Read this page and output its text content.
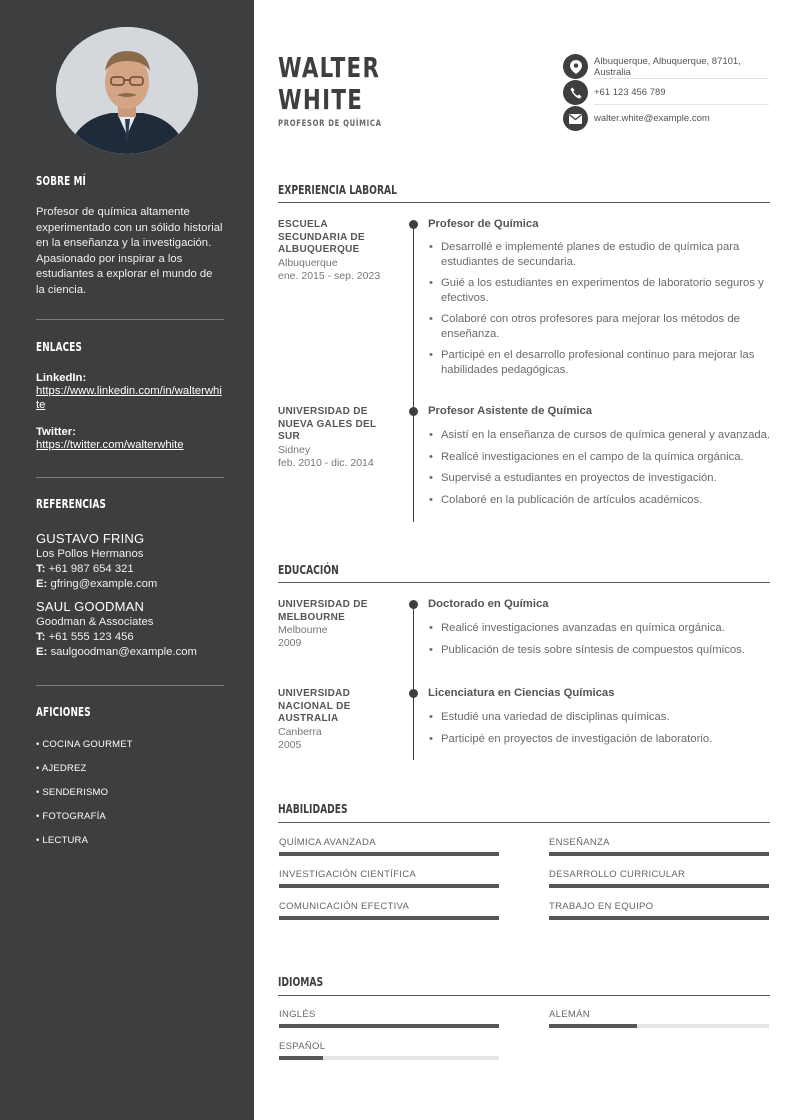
SOBRE MÍ
Profesor de química altamente experimentado con un sólido historial en la enseñanza y la investigación. Apasionado por inspirar a los estudiantes a explorar el mundo de la ciencia.
ENLACES
LinkedIn:
https://www.linkedin.com/in/walterwhite
Twitter:
https://twitter.com/walterwhite
REFERENCIAS
GUSTAVO FRING
Los Pollos Hermanos
T: +61 987 654 321
E: gfring@example.com
SAUL GOODMAN
Goodman & Associates
T: +61 555 123 456
E: saulgoodman@example.com
AFICIONES
• COCINA GOURMET
• AJEDREZ
• SENDERISMO
• FOTOGRAFÍA
• LECTURA
WALTER
WHITE
PROFESOR DE QUÍMICA
Albuquerque, Albuquerque, 87101, Australia
+61 123 456 789
walter.white@example.com
EXPERIENCIA LABORAL
ESCUELA SECUNDARIA DE ALBUQUERQUE
Albuquerque
ene. 2015 - sep. 2023
Profesor de Química
• Desarrollé e implementé planes de estudio de química para estudiantes de secundaria.
• Guié a los estudiantes en experimentos de laboratorio seguros y efectivos.
• Colaboré con otros profesores para mejorar los métodos de enseñanza.
• Participé en el desarrollo profesional continuo para mejorar las habilidades pedagógicas.
UNIVERSIDAD DE NUEVA GALES DEL SUR
Sidney
feb. 2010 - dic. 2014
Profesor Asistente de Química
• Asistí en la enseñanza de cursos de química general y avanzada.
• Realicé investigaciones en el campo de la química orgánica.
• Supervisé a estudiantes en proyectos de investigación.
• Colaboré en la publicación de artículos académicos.
EDUCACIÓN
UNIVERSIDAD DE MELBOURNE
Melbourne
2009
Doctorado en Química
• Realicé investigaciones avanzadas en química orgánica.
• Publicación de tesis sobre síntesis de compuestos químicos.
UNIVERSIDAD NACIONAL DE AUSTRALIA
Canberra
2005
Licenciatura en Ciencias Químicas
• Estudié una variedad de disciplinas químicas.
• Participé en proyectos de investigación de laboratorio.
HABILIDADES
QUÍMICA AVANZADA	ENSEÑANZA
INVESTIGACIÓN CIENTÍFICA	DESARROLLO CURRICULAR
COMUNICACIÓN EFECTIVA	TRABAJO EN EQUIPO
IDIOMAS
INGLÉS	ALEMÁN
ESPAÑOL
